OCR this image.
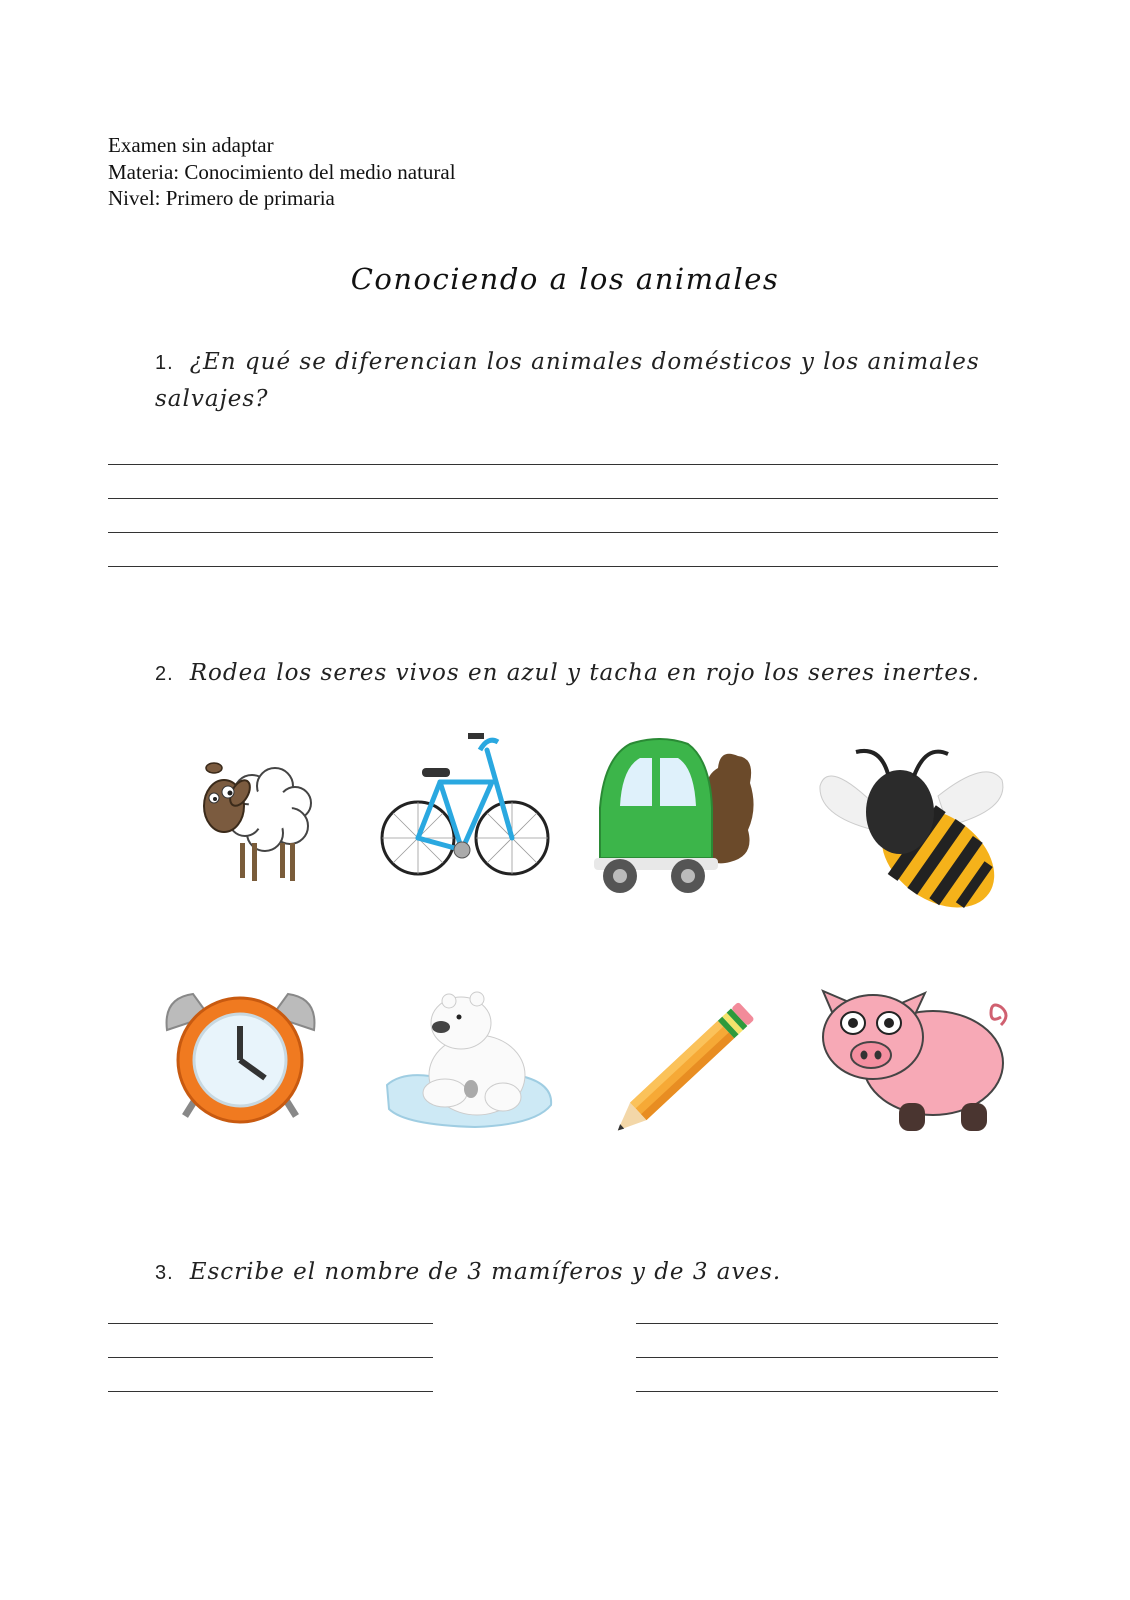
Examen sin adaptar
Materia: Conocimiento del medio natural
Nivel: Primero de primaria
Conociendo a los animales
1. ¿En qué se diferencian los animales domésticos y los animales salvajes?
2. Rodea los seres vivos en azul y tacha en rojo los seres inertes.
3. Escribe el nombre de 3 mamíferos y de 3 aves.
